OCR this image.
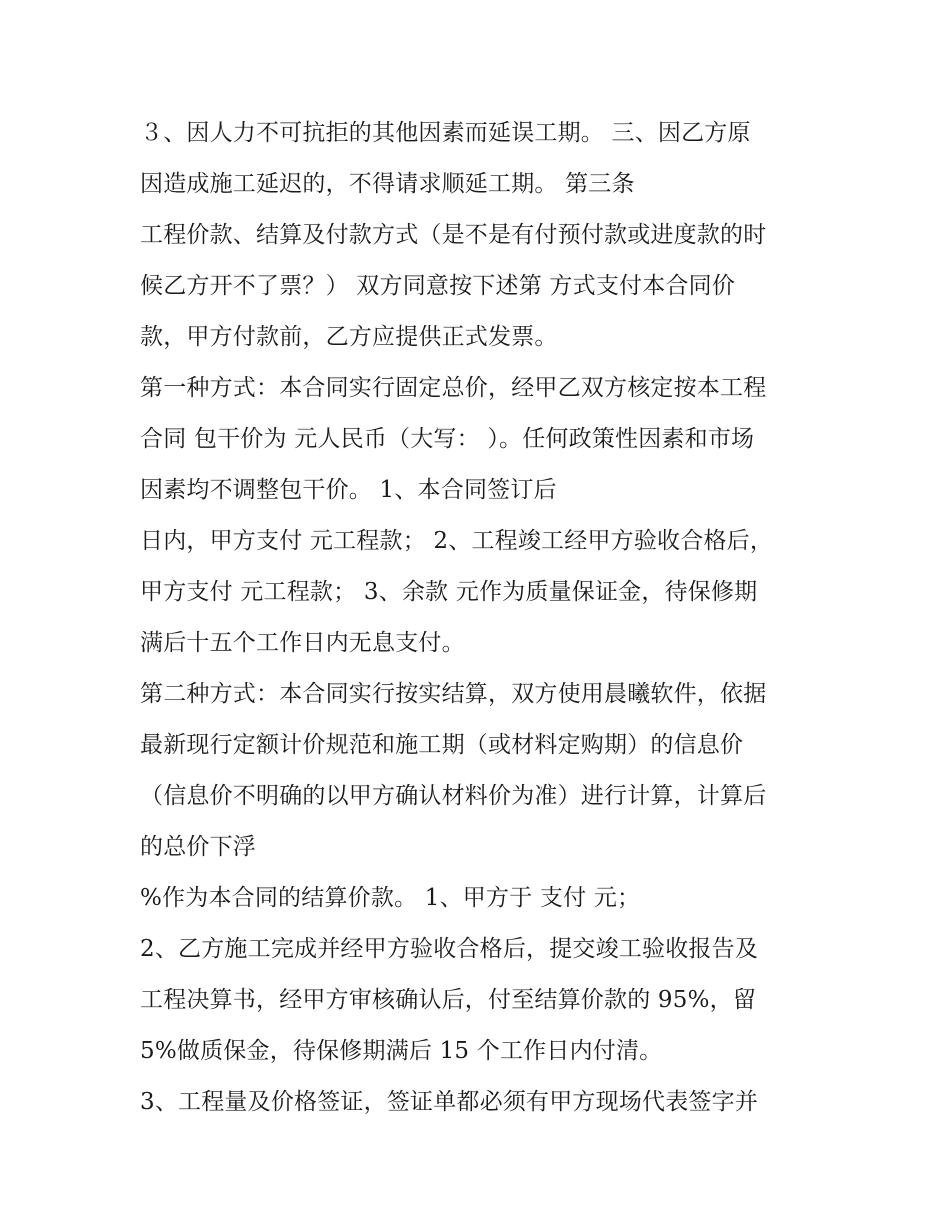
３、因人力不可抗拒的其他因素而延误工期。 三、因乙方原
因造成施工延迟的，不得请求顺延工期。 第三条
工程价款、结算及付款方式（是不是有付预付款或进度款的时
候乙方开不了票？） 双方同意按下述第 方式支付本合同价
款，甲方付款前，乙方应提供正式发票。
第一种方式：本合同实行固定总价，经甲乙双方核定按本工程
合同 包干价为 元人民币（大写： ）。任何政策性因素和市场
因素均不调整包干价。 1、本合同签订后
日内，甲方支付 元工程款； 2、工程竣工经甲方验收合格后，
甲方支付 元工程款； 3、余款 元作为质量保证金，待保修期
满后十五个工作日内无息支付。
第二种方式：本合同实行按实结算，双方使用晨曦软件，依据
最新现行定额计价规范和施工期（或材料定购期）的信息价
（信息价不明确的以甲方确认材料价为准）进行计算，计算后
的总价下浮
%作为本合同的结算价款。 1、甲方于 支付 元；
2、乙方施工完成并经甲方验收合格后，提交竣工验收报告及
工程决算书，经甲方审核确认后，付至结算价款的 95%，留
5%做质保金，待保修期满后 15 个工作日内付清。
3、工程量及价格签证，签证单都必须有甲方现场代表签字并
